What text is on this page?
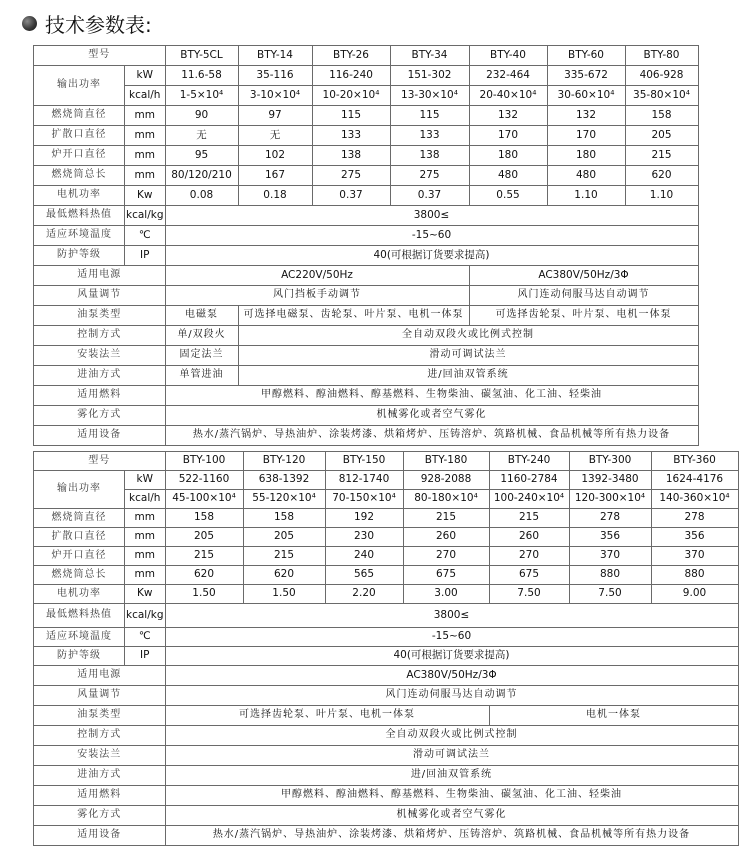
技术参数表:
型号		BTY-5CL	BTY-14	BTY-26	BTY-34	BTY-40	BTY-60	BTY-80
输出功率	kW	11.6-58	35-116	116-240	151-302	232-464	335-672	406-928
	kcal/h	1-5×10⁴	3-10×10⁴	10-20×10⁴	13-30×10⁴	20-40×10⁴	30-60×10⁴	35-80×10⁴
燃烧筒直径	mm	90	97	115	115	132	132	158
扩散口直径	mm	无	无	133	133	170	170	205
炉开口直径	mm	95	102	138	138	180	180	215
燃烧筒总长	mm	80/120/210	167	275	275	480	480	620
电机功率	Kw	0.08	0.18	0.37	0.37	0.55	1.10	1.10
最低燃料热值	kcal/kg	3800≤						
适应环境温度	℃	-15~60						
防护等级	IP	40(可根据订货要求提高)						
适用电源		AC220V/50Hz				AC380V/50Hz/3Φ		
风量调节		风门挡板手动调节				风门连动伺服马达自动调节		
油泵类型		电磁泵	可选择电磁泵、齿轮泵、叶片泵、电机一体泵			可选择齿轮泵、叶片泵、电机一体泵		
控制方式		单/双段火	全自动双段火或比例式控制					
安装法兰		固定法兰	滑动可调试法兰					
进油方式		单管进油	进/回油双管系统					
适用燃料		甲醇燃料、醇油燃料、醇基燃料、生物柴油、碳氢油、化工油、轻柴油						
雾化方式		机械雾化或者空气雾化						
适用设备		热水/蒸汽锅炉、导热油炉、涂装烤漆、烘箱烤炉、压铸溶炉、筑路机械、食品机械等所有热力设备						
型号		BTY-100	BTY-120	BTY-150	BTY-180	BTY-240	BTY-300	BTY-360
输出功率	kW	522-1160	638-1392	812-1740	928-2088	1160-2784	1392-3480	1624-4176
	kcal/h	45-100×10⁴	55-120×10⁴	70-150×10⁴	80-180×10⁴	100-240×10⁴	120-300×10⁴	140-360×10⁴
燃烧筒直径	mm	158	158	192	215	215	278	278
扩散口直径	mm	205	205	230	260	260	356	356
炉开口直径	mm	215	215	240	270	270	370	370
燃烧筒总长	mm	620	620	565	675	675	880	880
电机功率	Kw	1.50	1.50	2.20	3.00	7.50	7.50	9.00
最低燃料热值	kcal/kg	3800≤						
适应环境温度	℃	-15~60						
防护等级	IP	40(可根据订货要求提高)						
适用电源		AC380V/50Hz/3Φ						
风量调节		风门连动伺服马达自动调节						
油泵类型		可选择齿轮泵、叶片泵、电机一体泵				电机一体泵		
控制方式		全自动双段火或比例式控制						
安装法兰		滑动可调试法兰						
进油方式		进/回油双管系统						
适用燃料		甲醇燃料、醇油燃料、醇基燃料、生物柴油、碳氢油、化工油、轻柴油						
雾化方式		机械雾化或者空气雾化						
适用设备		热水/蒸汽锅炉、导热油炉、涂装烤漆、烘箱烤炉、压铸溶炉、筑路机械、食品机械等所有热力设备						
